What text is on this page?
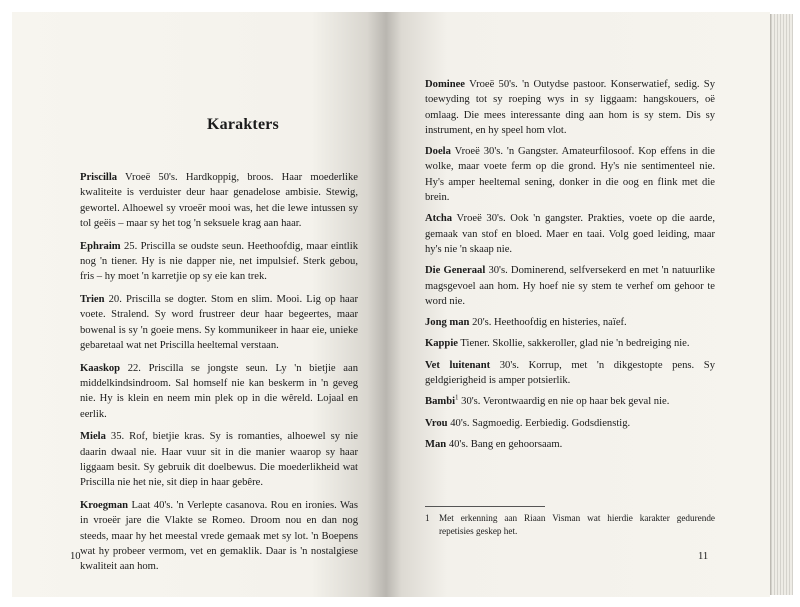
Karakters

Priscilla Vroeë 50's. Hardkoppig, broos. Haar moederlike kwaliteite is verduister deur haar genadelose ambisie. Stewig, gewortel. Alhoewel sy vroeër mooi was, het die lewe intussen sy tol geëis – maar sy het tog 'n seksuele krag aan haar.

Ephraim 25. Priscilla se oudste seun. Heethoofdig, maar eintlik nog 'n tiener. Hy is nie dapper nie, net impulsief. Sterk gebou, fris – hy moet 'n karretjie op sy eie kan trek.

Trien 20. Priscilla se dogter. Stom en slim. Mooi. Lig op haar voete. Stralend. Sy word frustreer deur haar begeertes, maar bowenal is sy 'n goeie mens. Sy kommunikeer in haar eie, unieke gebaretaal wat net Priscilla heeltemal verstaan.

Kaaskop 22. Priscilla se jongste seun. Ly 'n bietjie aan middelkindsindroom. Sal homself nie kan beskerm in 'n geveg nie. Hy is klein en neem min plek op in die wêreld. Lojaal en eerlik.

Miela 35. Rof, bietjie kras. Sy is romanties, alhoewel sy nie daarin dwaal nie. Haar vuur sit in die manier waarop sy haar liggaam besit. Sy gebruik dit doelbewus. Die moederlikheid wat Priscilla nie het nie, sit diep in haar gebêre.

Kroegman Laat 40's. 'n Verlepte casanova. Rou en ironies. Was in vroeër jare die Vlakte se Romeo. Droom nou en dan nog steeds, maar hy het meestal vrede gemaak met sy lot. 'n Boepens wat hy probeer vermom, vet en gemaklik. Daar is 'n nostalgiese kwaliteit aan hom.

10

Dominee Vroeë 50's. 'n Outydse pastoor. Konserwatief, sedig. Sy toewyding tot sy roeping wys in sy liggaam: hangskouers, oë omlaag. Die mees interessante ding aan hom is sy stem. Dis sy instrument, en hy speel hom vlot.

Doela Vroeë 30's. 'n Gangster. Amateurfilosoof. Kop effens in die wolke, maar voete ferm op die grond. Hy's nie sentimenteel nie. Hy's amper heeltemal sening, donker in die oog en flink met die brein.

Atcha Vroeë 30's. Ook 'n gangster. Prakties, voete op die aarde, gemaak van stof en bloed. Maer en taai. Volg goed leiding, maar hy's nie 'n skaap nie.

Die Generaal 30's. Dominerend, selfversekerd en met 'n natuurlike magsgevoel aan hom. Hy hoef nie sy stem te verhef om gehoor te word nie.

Jong man 20's. Heethoofdig en histeries, naïef.

Kappie Tiener. Skollie, sakkeroller, glad nie 'n bedreiging nie.

Vet luitenant 30's. Korrup, met 'n dikgestopte pens. Sy geldgierigheid is amper potsierlik.

Bambi$^1$ 30's. Verontwaardig en nie op haar bek geval nie.

Vrou 40's. Sagmoedig. Eerbiedig. Godsdienstig.

Man 40's. Bang en gehoorsaam.

1	Met erkenning aan Riaan Visman wat hierdie karakter gedurende repetisies geskep het.
11
